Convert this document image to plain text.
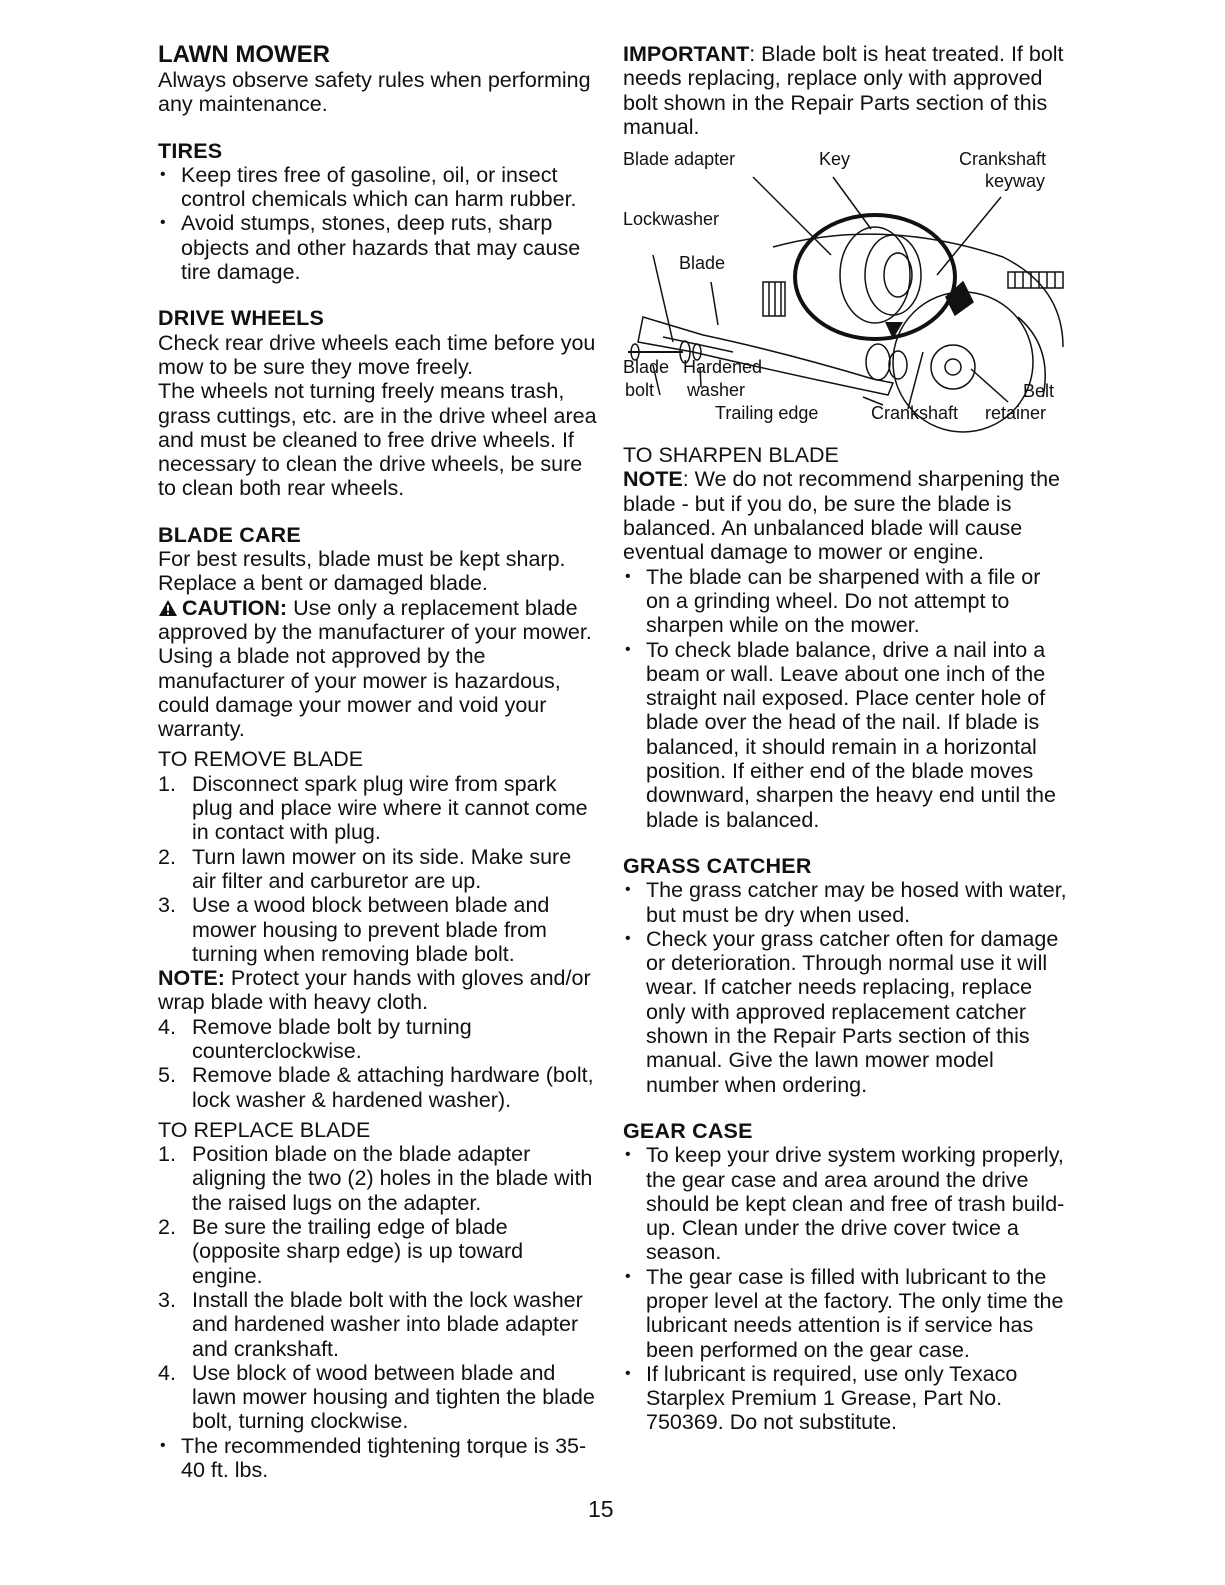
LAWN MOWER

Always observe safety rules when performing any maintenance.

TIRES
• Keep tires free of gasoline, oil, or insect control chemicals which can harm rubber.
• Avoid stumps, stones, deep ruts, sharp objects and other hazards that may cause tire damage.
DRIVE WHEELS

Check rear drive wheels each time before you mow to be sure they move freely.

The wheels not turning freely means trash, grass cuttings, etc. are in the drive wheel area and must be cleaned to free drive wheels. If necessary to clean the drive wheels, be sure to clean both rear wheels.

BLADE CARE

For best results, blade must be kept sharp. Replace a bent or damaged blade.

CAUTION: Use only a replacement blade approved by the manufacturer of your mower. Using a blade not approved by the manufacturer of your mower is hazardous, could damage your mower and void your warranty.

TO REMOVE BLADE

1. Disconnect spark plug wire from spark plug and place wire where it cannot come in contact with plug.
2. Turn lawn mower on its side. Make sure air filter and carburetor are up.
3. Use a wood block between blade and mower housing to prevent blade from turning when removing blade bolt.

NOTE: Protect your hands with gloves and/or wrap blade with heavy cloth.

4. Remove blade bolt by turning counterclockwise.
5. Remove blade & attaching hardware (bolt, lock washer & hardened washer).

TO REPLACE BLADE

1. Position blade on the blade adapter aligning the two (2) holes in the blade with the raised lugs on the adapter.
2. Be sure the trailing edge of blade (opposite sharp edge) is up toward engine.
3. Install the blade bolt with the lock washer and hardened washer into blade adapter and crankshaft.
4. Use block of wood between blade and lawn mower housing and tighten the blade bolt, turning clockwise.
• The recommended tightening torque is 35-40 ft. lbs.

IMPORTANT: Blade bolt is heat treated. If bolt needs replacing, replace only with approved bolt shown in the Repair Parts section of this manual.

Blade adapter	Key	Crankshaft
keyway
Lockwasher
Blade
Blade
bolt
Hardened
washer
Trailing edge	Crankshaft
Belt
retainer

TO SHARPEN BLADE

NOTE: We do not recommend sharpening the blade - but if you do, be sure the blade is balanced. An unbalanced blade will cause eventual damage to mower or engine.

• The blade can be sharpened with a file or on a grinding wheel. Do not attempt to sharpen while on the mower.
• To check blade balance, drive a nail into a beam or wall. Leave about one inch of the straight nail exposed. Place center hole of blade over the head of the nail. If blade is balanced, it should remain in a horizontal position. If either end of the blade moves downward, sharpen the heavy end until the blade is balanced.
GRASS CATCHER
• The grass catcher may be hosed with water, but must be dry when used.
• Check your grass catcher often for damage or deterioration. Through normal use it will wear. If catcher needs replacing, replace only with approved replacement catcher shown in the Repair Parts section of this manual. Give the lawn mower model number when ordering.
GEAR CASE
• To keep your drive system working properly, the gear case and area around the drive should be kept clean and free of trash build-up. Clean under the drive cover twice a season.
• The gear case is filled with lubricant to the proper level at the factory. The only time the lubricant needs attention is if service has been performed on the gear case.
• If lubricant is required, use only Texaco Starplex Premium 1 Grease, Part No. 750369. Do not substitute.
15
